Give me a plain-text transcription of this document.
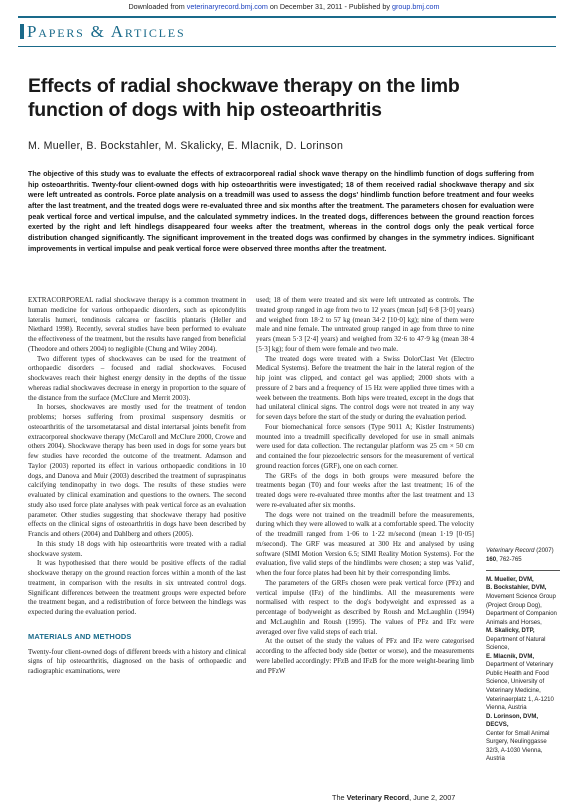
Downloaded from veterinaryrecord.bmj.com on December 31, 2011 - Published by group.bmj.com
Papers & Articles
Effects of radial shockwave therapy on the limb function of dogs with hip osteoarthritis
M. Mueller, B. Bockstahler, M. Skalicky, E. Mlacnik, D. Lorinson
The objective of this study was to evaluate the effects of extracorporeal radial shock wave therapy on the hindlimb function of dogs suffering from hip osteoarthritis. Twenty-four client-owned dogs with hip osteoarthritis were investigated; 18 of them received radial shockwave therapy and six were left untreated as controls. Force plate analysis on a treadmill was used to assess the dogs' hindlimb function before treatment and four weeks after the last treatment, and the treated dogs were re-evaluated three and six months after the treatment. The parameters chosen for evaluation were peak vertical force and vertical impulse, and the calculated symmetry indices. In the treated dogs, differences between the ground reaction forces exerted by the right and left hindlegs disappeared four weeks after the treatment, whereas in the control dogs only the peak vertical force distribution changed significantly. The significant improvement in the treated dogs was confirmed by changes in the symmetry indices. Significant improvements in vertical impulse and peak vertical force were observed three months after the treatment.

EXTRACORPOREAL radial shockwave therapy is a common treatment in human medicine for various orthopaedic disorders, such as epicondylitis lateralis humeri, tendinosis calcarea or fasciitis plantaris (Heller and Niethard 1998). Recently, several studies have been performed to evaluate the effectiveness of the treatment, but the results have ranged from beneficial (Theodore and others 2004) to negligible (Chung and Wiley 2004).

Two different types of shockwaves can be used for the treatment of orthopaedic disorders – focused and radial shockwaves. Focused shockwaves reach their highest energy density in the depths of the tissue whereas radial shockwaves decrease in energy in proportion to the square of the distance from the surface (McClure and Merrit 2003).

In horses, shockwaves are mostly used for the treatment of tendon problems; horses suffering from proximal suspensory desmitis or osteoarthritis of the tarsometatarsal and distal intertarsal joints benefit from extracorporeal shockwave therapy (McCaroll and McClure 2000, Crowe and others 2004). Shockwave therapy has been used in dogs for some years but few studies have recorded the outcome of the treatment. Adamson and Taylor (2003) reported its effect in various orthopaedic conditions in 10 dogs, and Danova and Muir (2003) described the treatment of supraspinatus calcifying tendinopathy in two dogs. The results of these studies were evaluated by clinical examination and questions to the owners. The second study also used force plate analyses with peak vertical force as an evaluation parameter. Other studies suggesting that shockwave therapy had positive effects on the clinical signs of osteoarthritis in dogs have been described by Francis and others (2004) and Dahlberg and others (2005).

In this study 18 dogs with hip osteoarthritis were treated with a radial shockwave system.

It was hypothesised that there would be positive effects of the radial shockwave therapy on the ground reaction forces within a month of the last treatment, in comparison with the results in six untreated control dogs. Significant differences between the treatment groups were expected before the treatment began, and a redistribution of force between the hindlegs was expected during the evaluation period.

MATERIALS AND METHODS

Twenty-four client-owned dogs of different breeds with a history and clinical signs of hip osteoarthritis, diagnosed on the basis of orthopaedic and radiographic examinations, were

used; 18 of them were treated and six were left untreated as controls. The treated group ranged in age from two to 12 years (mean [sd] 6·8 [3·0] years) and weighed from 18·2 to 57 kg (mean 34·2 [10·0] kg); nine of them were male and nine female. The untreated group ranged in age from three to nine years (mean 5·3 [2·4] years) and weighed from 32·6 to 47·9 kg (mean 38·4 [5·3] kg); four of them were female and two male.

The treated dogs were treated with a Swiss DolorClast Vet (Electro Medical Systems). Before the treatment the hair in the lateral region of the hip joint was clipped, and contact gel was applied; 2000 shots with a pressure of 2 bars and a frequency of 15 Hz were applied three times with a week between the treatments. Both hips were treated, except in the dogs that had unilateral clinical signs. The control dogs were not treated in any way for seven days before the start of the study or during the evaluation period.

Four biomechanical force sensors (Type 9011 A; Kistler Instruments) mounted into a treadmill specifically developed for use in small animals were used for data collection. The rectangular platform was 25 cm × 50 cm and contained the four piezoelectric sensors for the measurement of vertical ground reaction forces (GRF), one on each corner.

The GRFs of the dogs in both groups were measured before the treatments began (T0) and four weeks after the last treatment; 16 of the treated dogs were re-evaluated three months after the last treatment and 13 were re-evaluated after six months.

The dogs were not trained on the treadmill before the measurements, during which they were allowed to walk at a comfortable speed. The velocity of the treadmill ranged from 1·06 to 1·22 m/second (mean 1·19 [0·05] m/second). The GRF was measured at 300 Hz and analysed by using software (SIMI Motion Version 6.5; SIMI Reality Motion Systems). For the evaluation, five valid steps of the hindlimbs were chosen; a step was 'valid', when the four force plates had been hit by their corresponding limbs.

The parameters of the GRFs chosen were peak vertical force (PFz) and vertical impulse (IFz) of the hindlimbs. All the measurements were normalised with respect to the dog's bodyweight and expressed as a percentage of bodyweight as described by Roush and McLaughlin (1994) and McLaughlin and Roush (1995). The values of PFz and IFz were averaged over five valid steps of each trial.

At the outset of the study the values of PFz and IFz were categorised according to the affected body side (better or worse), and the measurements were labelled accordingly: PFzB and IFzB for the more weight-bearing limb and PFzW

Veterinary Record (2007)
160, 762-765

M. Mueller, DVM,

B. Bockstahler, DVM,

Movement Science Group (Project Group Dog), Department of Companion Animals and Horses,

M. Skalicky, DTP,

Department of Natural Science,

E. Mlacnik, DVM,

Department of Veterinary Public Health and Food Science, University of Veterinary Medicine, Veterinaerplatz 1, A-1210 Vienna, Austria

D. Lorinson, DVM, DECVS,

Center for Small Animal Surgery, Neulinggasse 32/3, A-1030 Vienna, Austria

The Veterinary Record, June 2, 2007
